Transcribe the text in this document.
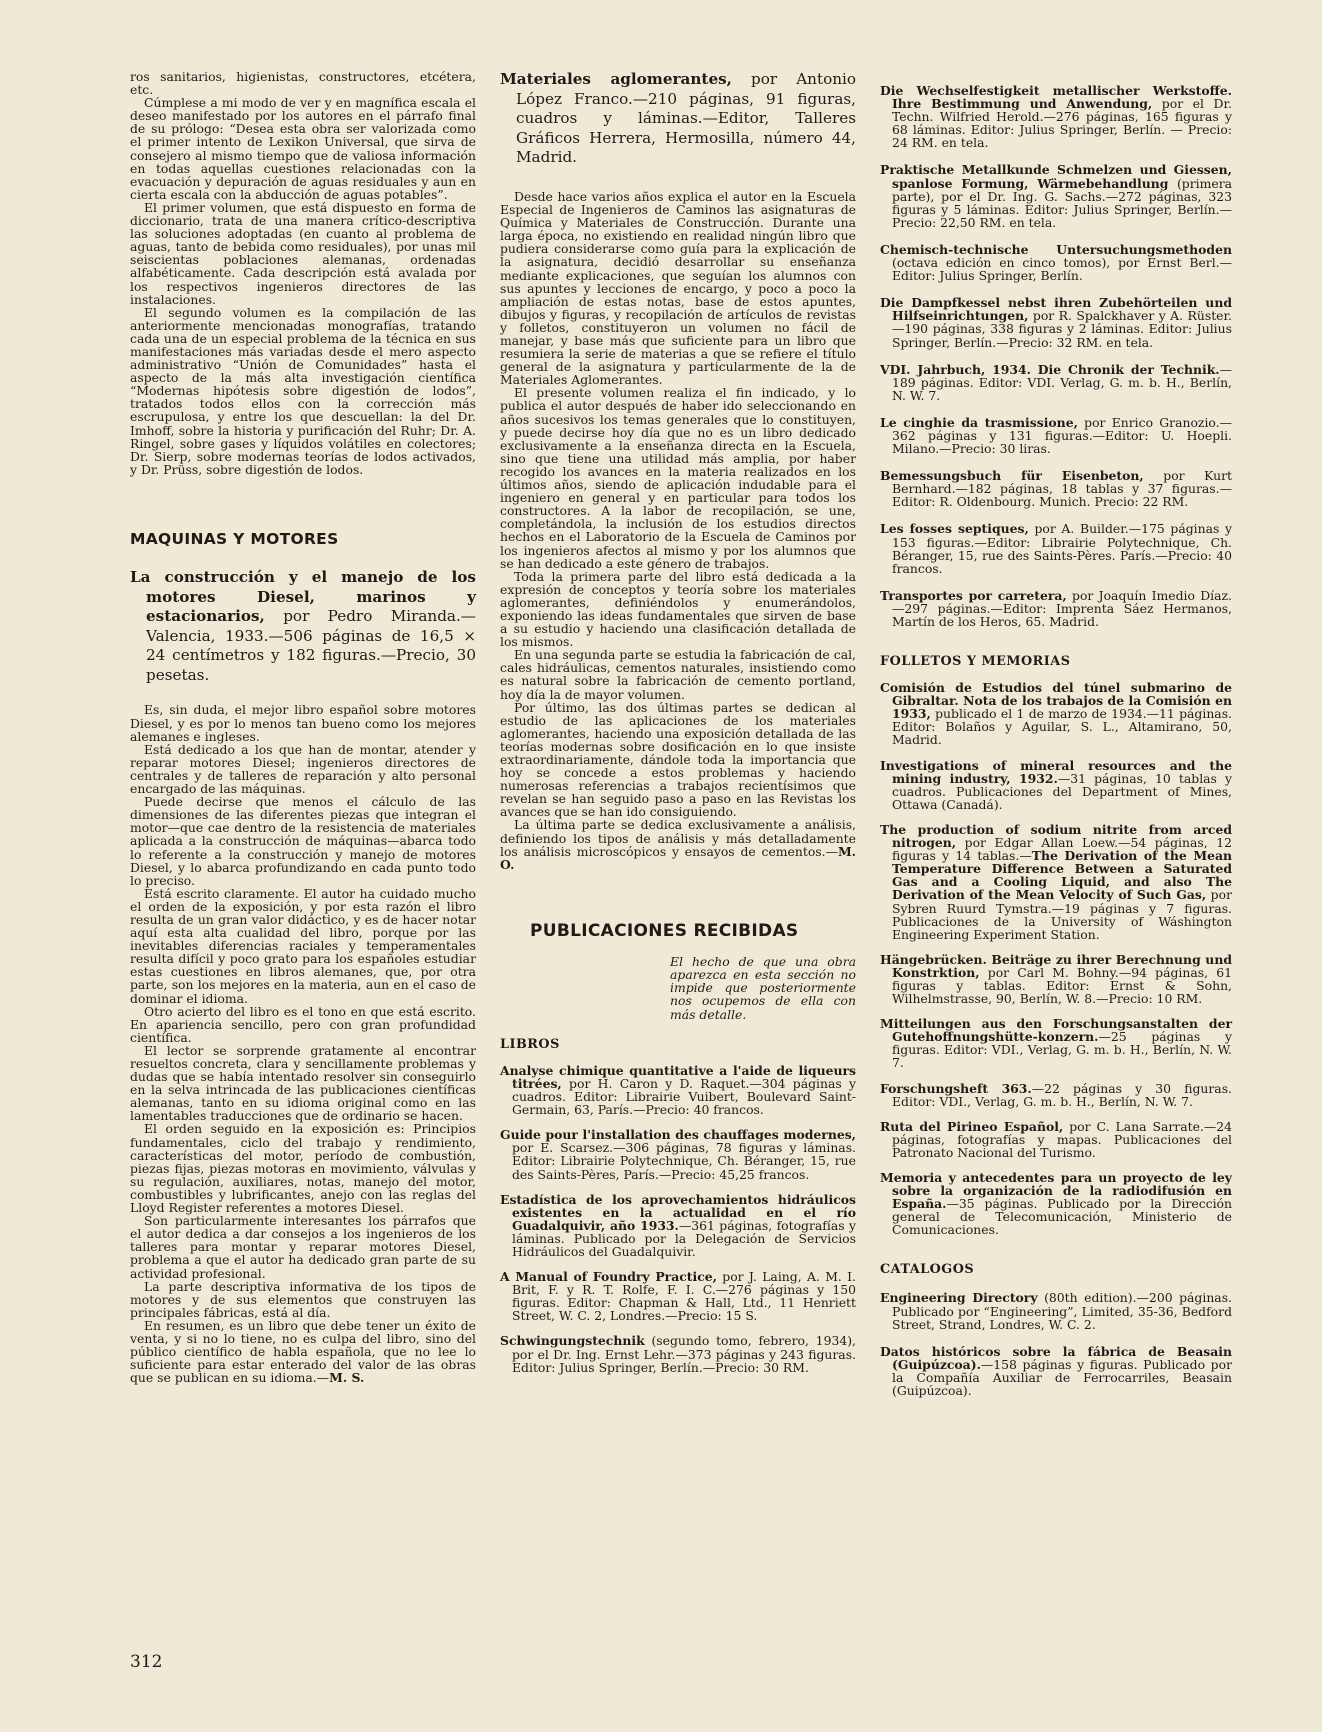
ros sanitarios, higienistas, constructores, etcétera, etc.

Cúmplese a mi modo de ver y en magnífica escala el deseo manifestado por los autores en el párrafo final de su prólogo: “Desea esta obra ser valorizada como el primer intento de Lexikon Universal, que sirva de consejero al mismo tiempo que de valiosa información en todas aquellas cuestiones relacionadas con la evacuación y depuración de aguas residuales y aun en cierta escala con la abducción de aguas potables”.

El primer volumen, que está dispuesto en forma de diccionario, trata de una manera crítico-descriptiva las soluciones adoptadas (en cuanto al problema de aguas, tanto de bebida como residuales), por unas mil seiscientas poblaciones alemanas, ordenadas alfabéticamente. Cada descripción está avalada por los respectivos ingenieros directores de las instalaciones.

El segundo volumen es la compilación de las anteriormente mencionadas monografías, tratando cada una de un especial problema de la técnica en sus manifestaciones más variadas desde el mero aspecto administrativo “Unión de Comunidades” hasta el aspecto de la más alta investigación científica “Modernas hipótesis sobre digestión de lodos”, tratados todos ellos con la corrección más escrupulosa, y entre los que descuellan: la del Dr. Imhoff, sobre la historia y purificación del Ruhr; Dr. A. Ringel, sobre gases y líquidos volátiles en colectores; Dr. Sierp, sobre modernas teorías de lodos activados, y Dr. Prüss, sobre digestión de lodos.

MAQUINAS Y MOTORES

La construcción y el manejo de los motores Diesel, marinos y estacionarios, por Pedro Miranda.—Valencia, 1933.—506 páginas de 16,5 × 24 centímetros y 182 figuras.—Precio, 30 pesetas.

Es, sin duda, el mejor libro español sobre motores Diesel, y es por lo menos tan bueno como los mejores alemanes e ingleses.

Está dedicado a los que han de montar, atender y reparar motores Diesel; ingenieros directores de centrales y de talleres de reparación y alto personal encargado de las máquinas.

Puede decirse que menos el cálculo de las dimensiones de las diferentes piezas que integran el motor—que cae dentro de la resistencia de materiales aplicada a la construcción de máquinas—abarca todo lo referente a la construcción y manejo de motores Diesel, y lo abarca profundizando en cada punto todo lo preciso.

Está escrito claramente. El autor ha cuidado mucho el orden de la exposición, y por esta razón el libro resulta de un gran valor didáctico, y es de hacer notar aquí esta alta cualidad del libro, porque por las inevitables diferencias raciales y temperamentales resulta difícil y poco grato para los españoles estudiar estas cuestiones en libros alemanes, que, por otra parte, son los mejores en la materia, aun en el caso de dominar el idioma.

Otro acierto del libro es el tono en que está escrito. En apariencia sencillo, pero con gran profundidad científica.

El lector se sorprende gratamente al encontrar resueltos concreta, clara y sencillamente problemas y dudas que se había intentado resolver sin conseguirlo en la selva intrincada de las publicaciones científicas alemanas, tanto en su idioma original como en las lamentables traducciones que de ordinario se hacen.

El orden seguido en la exposición es: Principios fundamentales, ciclo del trabajo y rendimiento, características del motor, período de combustión, piezas fijas, piezas motoras en movimiento, válvulas y su regulación, auxiliares, notas, manejo del motor, combustibles y lubrificantes, anejo con las reglas del Lloyd Register referentes a motores Diesel.

Son particularmente interesantes los párrafos que el autor dedica a dar consejos a los ingenieros de los talleres para montar y reparar motores Diesel, problema a que el autor ha dedicado gran parte de su actividad profesional.

La parte descriptiva informativa de los tipos de motores y de sus elementos que construyen las principales fábricas, está al día.

En resumen, es un libro que debe tener un éxito de venta, y si no lo tiene, no es culpa del libro, sino del público científico de habla española, que no lee lo suficiente para estar enterado del valor de las obras que se publican en su idioma.—M. S.

Materiales aglomerantes, por Antonio López Franco.—210 páginas, 91 figuras, cuadros y láminas.—Editor, Talleres Gráficos Herrera, Hermosilla, número 44, Madrid.

Desde hace varios años explica el autor en la Escuela Especial de Ingenieros de Caminos las asignaturas de Química y Materiales de Construcción. Durante una larga época, no existiendo en realidad ningún libro que pudiera considerarse como guía para la explicación de la asignatura, decidió desarrollar su enseñanza mediante explicaciones, que seguían los alumnos con sus apuntes y lecciones de encargo, y poco a poco la ampliación de estas notas, base de estos apuntes, dibujos y figuras, y recopilación de artículos de revistas y folletos, constituyeron un volumen no fácil de manejar, y base más que suficiente para un libro que resumiera la serie de materias a que se refiere el título general de la asignatura y particularmente de la de Materiales Aglomerantes.

El presente volumen realiza el fin indicado, y lo publica el autor después de haber ido seleccionando en años sucesivos los temas generales que lo constituyen, y puede decirse hoy día que no es un libro dedicado exclusivamente a la enseñanza directa en la Escuela, sino que tiene una utilidad más amplia, por haber recogido los avances en la materia realizados en los últimos años, siendo de aplicación indudable para el ingeniero en general y en particular para todos los constructores. A la labor de recopilación, se une, completándola, la inclusión de los estudios directos hechos en el Laboratorio de la Escuela de Caminos por los ingenieros afectos al mismo y por los alumnos que se han dedicado a este género de trabajos.

Toda la primera parte del libro está dedicada a la expresión de conceptos y teoría sobre los materiales aglomerantes, definiéndolos y enumerándolos, exponiendo las ideas fundamentales que sirven de base a su estudio y haciendo una clasificación detallada de los mismos.

En una segunda parte se estudia la fabricación de cal, cales hidráulicas, cementos naturales, insistiendo como es natural sobre la fabricación de cemento portland, hoy día la de mayor volumen.

Por último, las dos últimas partes se dedican al estudio de las aplicaciones de los materiales aglomerantes, haciendo una exposición detallada de las teorías modernas sobre dosificación en lo que insiste extraordinariamente, dándole toda la importancia que hoy se concede a estos problemas y haciendo numerosas referencias a trabajos recientísimos que revelan se han seguido paso a paso en las Revistas los avances que se han ido consiguiendo.

La última parte se dedica exclusivamente a análisis, definiendo los tipos de análisis y más detalladamente los análisis microscópicos y ensayos de cementos.—M. O.

PUBLICACIONES RECIBIDAS

El hecho de que una obra aparezca en esta sección no impide que posteriormente nos ocupemos de ella con más detalle.

LIBROS

Analyse chimique quantitative a l'aide de liqueurs titrées, por H. Caron y D. Raquet.—304 páginas y cuadros. Editor: Librairie Vuibert, Boulevard Saint-Germain, 63, París.—Precio: 40 francos.

Guide pour l'installation des chauffages modernes, por E. Scarsez.—306 páginas, 78 figuras y láminas. Editor: Librairie Polytechnique, Ch. Béranger, 15, rue des Saints-Pères, París.—Precio: 45,25 francos.

Estadística de los aprovechamientos hidráulicos existentes en la actualidad en el río Guadalquivir, año 1933.—361 páginas, fotografías y láminas. Publicado por la Delegación de Servicios Hidráulicos del Guadalquivir.

A Manual of Foundry Practice, por J. Laing, A. M. I. Brit, F. y R. T. Rolfe, F. I. C.—276 páginas y 150 figuras. Editor: Chapman & Hall, Ltd., 11 Henriett Street, W. C. 2, Londres.—Precio: 15 S.

Schwingungstechnik (segundo tomo, febrero, 1934), por el Dr. Ing. Ernst Lehr.—373 páginas y 243 figuras. Editor: Julius Springer, Berlín.—Precio: 30 RM.

Die Wechselfestigkeit metallischer Werkstoffe. Ihre Bestimmung und Anwendung, por el Dr. Techn. Wilfried Herold.—276 páginas, 165 figuras y 68 láminas. Editor: Julius Springer, Berlín. — Precio: 24 RM. en tela.

Praktische Metallkunde Schmelzen und Giessen, spanlose Formung, Wärmebehandlung (primera parte), por el Dr. Ing. G. Sachs.—272 páginas, 323 figuras y 5 láminas. Editor: Julius Springer, Berlín.—Precio: 22,50 RM. en tela.

Chemisch-technische Untersuchungsmethoden (octava edición en cinco tomos), por Ernst Berl.—Editor: Julius Springer, Berlín.

Die Dampfkessel nebst ihren Zubehörteilen und Hilfseinrichtungen, por R. Spalckhaver y A. Rüster.—190 páginas, 338 figuras y 2 láminas. Editor: Julius Springer, Berlín.—Precio: 32 RM. en tela.

VDI. Jahrbuch, 1934. Die Chronik der Technik.—189 páginas. Editor: VDI. Verlag, G. m. b. H., Berlín, N. W. 7.

Le cinghie da trasmissione, por Enrico Granozio.—362 páginas y 131 figuras.—Editor: U. Hoepli. Milano.—Precio: 30 liras.

Bemessungsbuch für Eisenbeton, por Kurt Bernhard.—182 páginas, 18 tablas y 37 figuras.—Editor: R. Oldenbourg. Munich. Precio: 22 RM.

Les fosses septiques, por A. Builder.—175 páginas y 153 figuras.—Editor: Librairie Polytechnique, Ch. Béranger, 15, rue des Saints-Pères. París.—Precio: 40 francos.

Transportes por carretera, por Joaquín Imedio Díaz.—297 páginas.—Editor: Imprenta Sáez Hermanos, Martín de los Heros, 65. Madrid.

FOLLETOS Y MEMORIAS

Comisión de Estudios del túnel submarino de Gibraltar. Nota de los trabajos de la Comisión en 1933, publicado el 1 de marzo de 1934.—11 páginas. Editor: Bolaños y Aguilar, S. L., Altamirano, 50, Madrid.

Investigations of mineral resources and the mining industry, 1932.—31 páginas, 10 tablas y cuadros. Publicaciones del Department of Mines, Ottawa (Canadá).

The production of sodium nitrite from arced nitrogen, por Edgar Allan Loew.—54 páginas, 12 figuras y 14 tablas.—The Derivation of the Mean Temperature Difference Between a Saturated Gas and a Cooling Liquid, and also The Derivation of the Mean Velocity of Such Gas, por Sybren Ruurd Tymstra.—19 páginas y 7 figuras. Publicaciones de la University of Wáshington Engineering Experiment Station.

Hängebrücken. Beiträge zu ihrer Berechnung und Konstrktion, por Carl M. Bohny.—94 páginas, 61 figuras y tablas. Editor: Ernst & Sohn, Wilhelmstrasse, 90, Berlín, W. 8.—Precio: 10 RM.

Mitteilungen aus den Forschungsanstalten der Gutehoffnungshütte-konzern.—25 páginas y figuras. Editor: VDI., Verlag, G. m. b. H., Berlín, N. W. 7.

Forschungsheft 363.—22 páginas y 30 figuras. Editor: VDI., Verlag, G. m. b. H., Berlín, N. W. 7.

Ruta del Pirineo Español, por C. Lana Sarrate.—24 páginas, fotografías y mapas. Publicaciones del Patronato Nacional del Turismo.

Memoria y antecedentes para un proyecto de ley sobre la organización de la radiodifusión en España.—35 páginas. Publicado por la Dirección general de Telecomunicación, Ministerio de Comunicaciones.

CATALOGOS

Engineering Directory (80th edition).—200 páginas. Publicado por “Engineering”, Limited, 35-36, Bedford Street, Strand, Londres, W. C. 2.

Datos históricos sobre la fábrica de Beasain (Guipúzcoa).—158 páginas y figuras. Publicado por la Compañía Auxiliar de Ferrocarriles, Beasain (Guipúzcoa).

312
